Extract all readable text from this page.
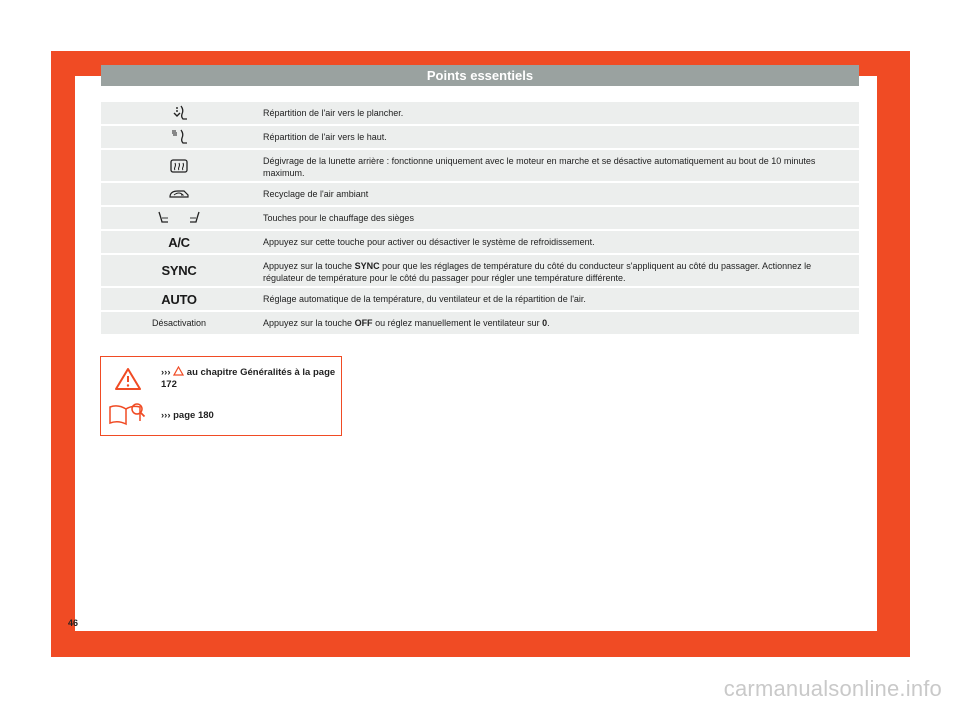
Points essentiels
	Répartition de l'air vers le plancher.
	Répartition de l'air vers le haut.
	Dégivrage de la lunette arrière : fonctionne uniquement avec le moteur en marche et se désactive automatiquement au bout de 10 minutes maximum.
	Recyclage de l'air ambiant
	Touches pour le chauffage des sièges
A/C	Appuyez sur cette touche pour activer ou désactiver le système de refroidissement.
SYNC	Appuyez sur la touche SYNC pour que les réglages de température du côté du conducteur s'appliquent au côté du passager. Actionnez le régulateur de température pour le côté du passager pour régler une température différente.
AUTO	Réglage automatique de la température, du ventilateur et de la répartition de l'air.
Désactivation	Appuyez sur la touche OFF ou réglez manuellement le ventilateur sur 0.
››› au chapitre Généralités à la page 172
››› page 180
46
carmanualsonline.info
